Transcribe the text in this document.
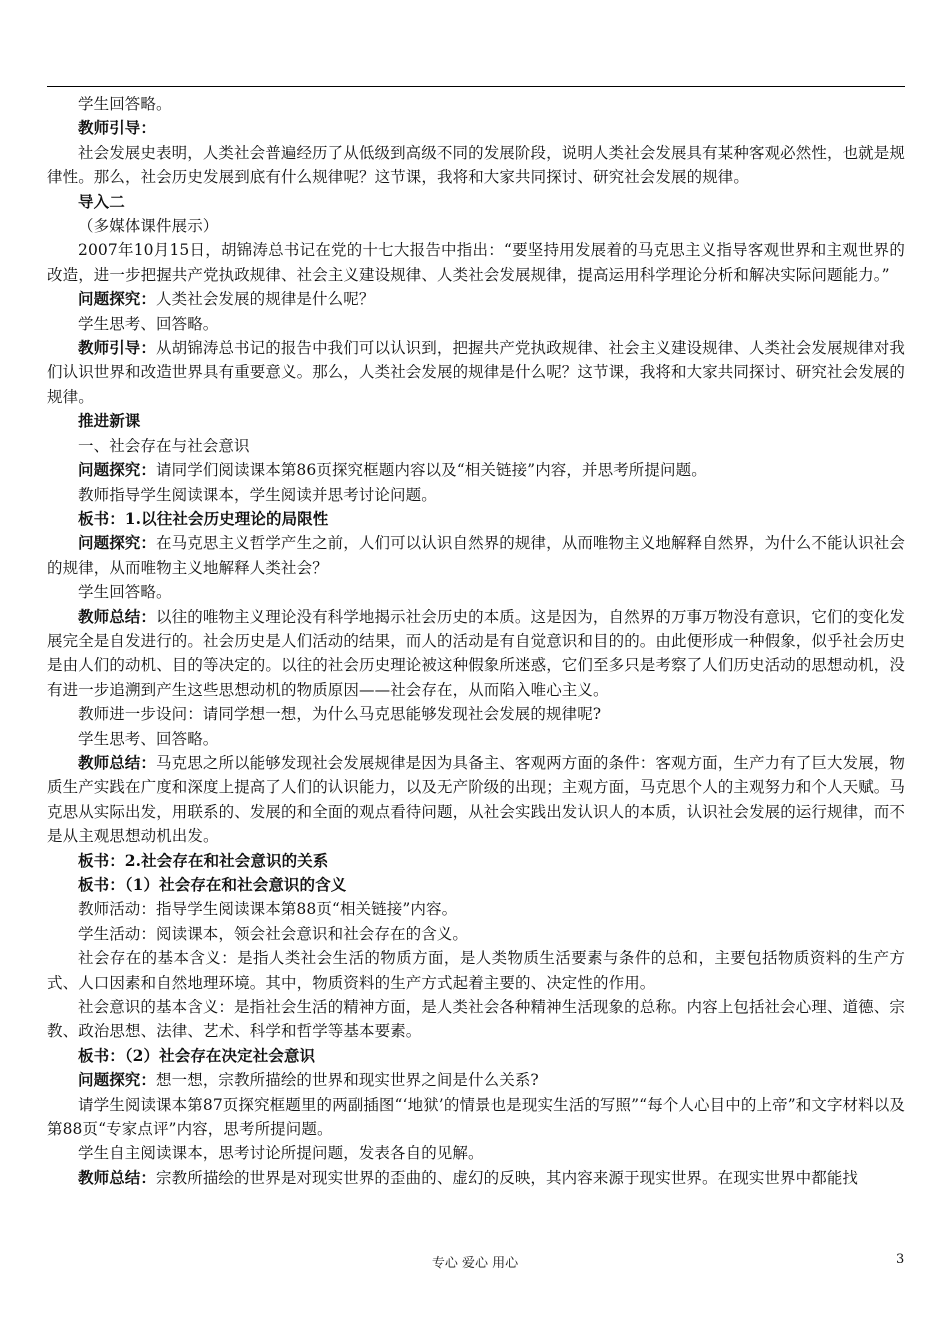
学生回答略。

教师引导：

社会发展史表明，人类社会普遍经历了从低级到高级不同的发展阶段，说明人类社会发展具有某种客观必然性，也就是规律性。那么，社会历史发展到底有什么规律呢？这节课，我将和大家共同探讨、研究社会发展的规律。

导入二

（多媒体课件展示）

2007年10月15日，胡锦涛总书记在党的十七大报告中指出：“要坚持用发展着的马克思主义指导客观世界和主观世界的改造，进一步把握共产党执政规律、社会主义建设规律、人类社会发展规律，提高运用科学理论分析和解决实际问题能力。”

问题探究：人类社会发展的规律是什么呢？

学生思考、回答略。

教师引导：从胡锦涛总书记的报告中我们可以认识到，把握共产党执政规律、社会主义建设规律、人类社会发展规律对我们认识世界和改造世界具有重要意义。那么，人类社会发展的规律是什么呢？这节课，我将和大家共同探讨、研究社会发展的规律。

推进新课

一、社会存在与社会意识

问题探究：请同学们阅读课本第86页探究框题内容以及“相关链接”内容，并思考所提问题。

教师指导学生阅读课本，学生阅读并思考讨论问题。

板书：1.以往社会历史理论的局限性

问题探究：在马克思主义哲学产生之前，人们可以认识自然界的规律，从而唯物主义地解释自然界，为什么不能认识社会的规律，从而唯物主义地解释人类社会？

学生回答略。

教师总结：以往的唯物主义理论没有科学地揭示社会历史的本质。这是因为，自然界的万事万物没有意识，它们的变化发展完全是自发进行的。社会历史是人们活动的结果，而人的活动是有自觉意识和目的的。由此便形成一种假象，似乎社会历史是由人们的动机、目的等决定的。以往的社会历史理论被这种假象所迷惑，它们至多只是考察了人们历史活动的思想动机，没有进一步追溯到产生这些思想动机的物质原因——社会存在，从而陷入唯心主义。

教师进一步设问：请同学想一想，为什么马克思能够发现社会发展的规律呢?

学生思考、回答略。

教师总结：马克思之所以能够发现社会发展规律是因为具备主、客观两方面的条件：客观方面，生产力有了巨大发展，物质生产实践在广度和深度上提高了人们的认识能力，以及无产阶级的出现；主观方面，马克思个人的主观努力和个人天赋。马克思从实际出发，用联系的、发展的和全面的观点看待问题，从社会实践出发认识人的本质，认识社会发展的运行规律，而不是从主观思想动机出发。

板书：2.社会存在和社会意识的关系

板书：（1）社会存在和社会意识的含义

教师活动：指导学生阅读课本第88页“相关链接”内容。

学生活动：阅读课本，领会社会意识和社会存在的含义。

社会存在的基本含义：是指人类社会生活的物质方面，是人类物质生活要素与条件的总和，主要包括物质资料的生产方式、人口因素和自然地理环境。其中，物质资料的生产方式起着主要的、决定性的作用。

社会意识的基本含义：是指社会生活的精神方面，是人类社会各种精神生活现象的总称。内容上包括社会心理、道德、宗教、政治思想、法律、艺术、科学和哲学等基本要素。

板书：（2）社会存在决定社会意识

问题探究：想一想，宗教所描绘的世界和现实世界之间是什么关系?

请学生阅读课本第87页探究框题里的两副插图“‘地狱’的情景也是现实生活的写照”“每个人心目中的上帝”和文字材料以及第88页“专家点评”内容，思考所提问题。

学生自主阅读课本，思考讨论所提问题，发表各自的见解。

教师总结：宗教所描绘的世界是对现实世界的歪曲的、虚幻的反映，其内容来源于现实世界。在现实世界中都能找

专心 爱心 用心	3
